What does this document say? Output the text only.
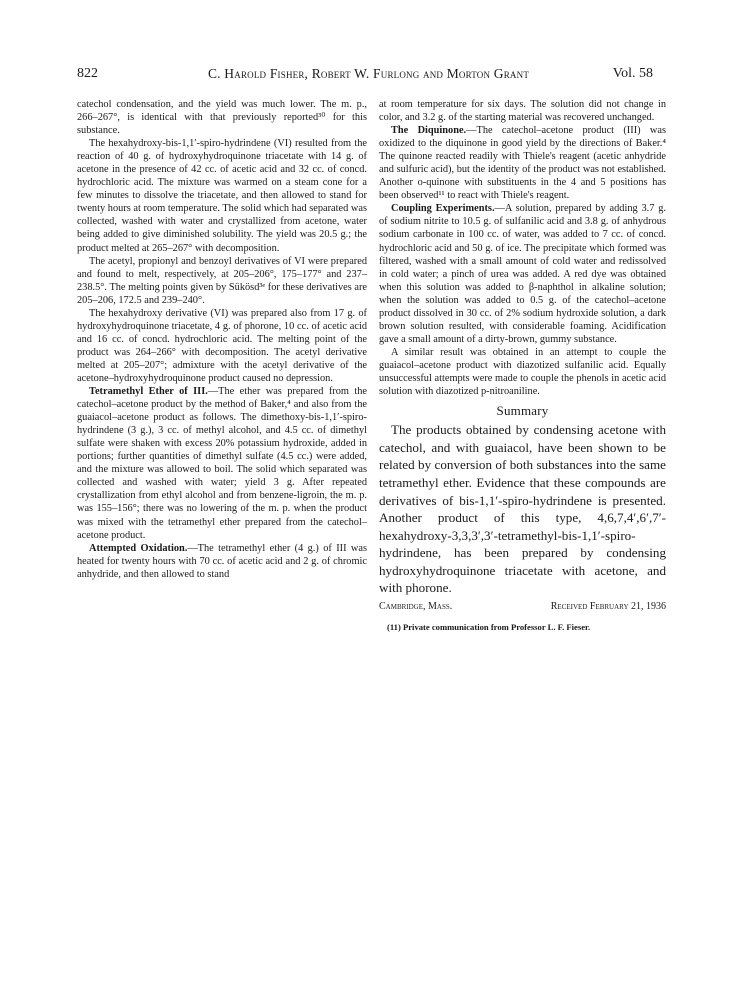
822	C. Harold Fisher, Robert W. Furlong and Morton Grant	Vol. 58

catechol condensation, and the yield was much lower. The m. p., 266–267°, is identical with that previously reported³⁰ for this substance.

The hexahydroxy-bis-1,1′-spiro-hydrindene (VI) resulted from the reaction of 40 g. of hydroxyhydroquinone triacetate with 14 g. of acetone in the presence of 42 cc. of acetic acid and 32 cc. of concd. hydrochloric acid. The mixture was warmed on a steam cone for a few minutes to dissolve the triacetate, and then allowed to stand for twenty hours at room temperature. The solid which had separated was collected, washed with water and crystallized from acetone, water being added to give diminished solubility. The yield was 20.5 g.; the product melted at 265–267° with decomposition.

The acetyl, propionyl and benzoyl derivatives of VI were prepared and found to melt, respectively, at 205–206°, 175–177° and 237–238.5°. The melting points given by Sükösd³ᵉ for these derivatives are 205–206, 172.5 and 239–240°.

The hexahydroxy derivative (VI) was prepared also from 17 g. of hydroxyhydroquinone triacetate, 4 g. of phorone, 10 cc. of acetic acid and 16 cc. of concd. hydrochloric acid. The melting point of the product was 264–266° with decomposition. The acetyl derivative melted at 205–207°; admixture with the acetyl derivative of the acetone–hydroxyhydroquinone product caused no depression.

Tetramethyl Ether of III.—The ether was prepared from the catechol–acetone product by the method of Baker,⁴ and also from the guaiacol–acetone product as follows. The dimethoxy-bis-1,1′-spiro-hydrindene (3 g.), 3 cc. of methyl alcohol, and 4.5 cc. of dimethyl sulfate were shaken with excess 20% potassium hydroxide, added in portions; further quantities of dimethyl sulfate (4.5 cc.) were added, and the mixture was allowed to boil. The solid which separated was collected and washed with water; yield 3 g. After repeated crystallization from ethyl alcohol and from benzene-ligroin, the m. p. was 155–156°; there was no lowering of the m. p. when the product was mixed with the tetramethyl ether prepared from the catechol–acetone product.

Attempted Oxidation.—The tetramethyl ether (4 g.) of III was heated for twenty hours with 70 cc. of acetic acid and 2 g. of chromic anhydride, and then allowed to stand

at room temperature for six days. The solution did not change in color, and 3.2 g. of the starting material was recovered unchanged.

The Diquinone.—The catechol–acetone product (III) was oxidized to the diquinone in good yield by the directions of Baker.⁴ The quinone reacted readily with Thiele's reagent (acetic anhydride and sulfuric acid), but the identity of the product was not established. Another o-quinone with substituents in the 4 and 5 positions has been observed¹¹ to react with Thiele's reagent.

Coupling Experiments.—A solution, prepared by adding 3.7 g. of sodium nitrite to 10.5 g. of sulfanilic acid and 3.8 g. of anhydrous sodium carbonate in 100 cc. of water, was added to 7 cc. of concd. hydrochloric acid and 50 g. of ice. The precipitate which formed was filtered, washed with a small amount of cold water and redissolved in cold water; a pinch of urea was added. A red dye was obtained when this solution was added to β-naphthol in alkaline solution; when the solution was added to 0.5 g. of the catechol–acetone product dissolved in 30 cc. of 2% sodium hydroxide solution, a dark brown solution resulted, with considerable foaming. Acidification gave a small amount of a dirty-brown, gummy substance.

A similar result was obtained in an attempt to couple the guaiacol–acetone product with diazotized sulfanilic acid. Equally unsuccessful attempts were made to couple the phenols in acetic acid solution with diazotized p-nitroaniline.

Summary

The products obtained by condensing acetone with catechol, and with guaiacol, have been shown to be related by conversion of both substances into the same tetramethyl ether. Evidence that these compounds are derivatives of bis-1,1′-spiro-hydrindene is presented. Another product of this type, 4,6,7,4′,6′,7′-hexahydroxy-3,3,3′,3′-tetramethyl-bis-1,1′-spiro-hydrindene, has been prepared by condensing hydroxyhydroquinone triacetate with acetone, and with phorone.

Cambridge, Mass.	Received February 21, 1936
(11) Private communication from Professor L. F. Fieser.
